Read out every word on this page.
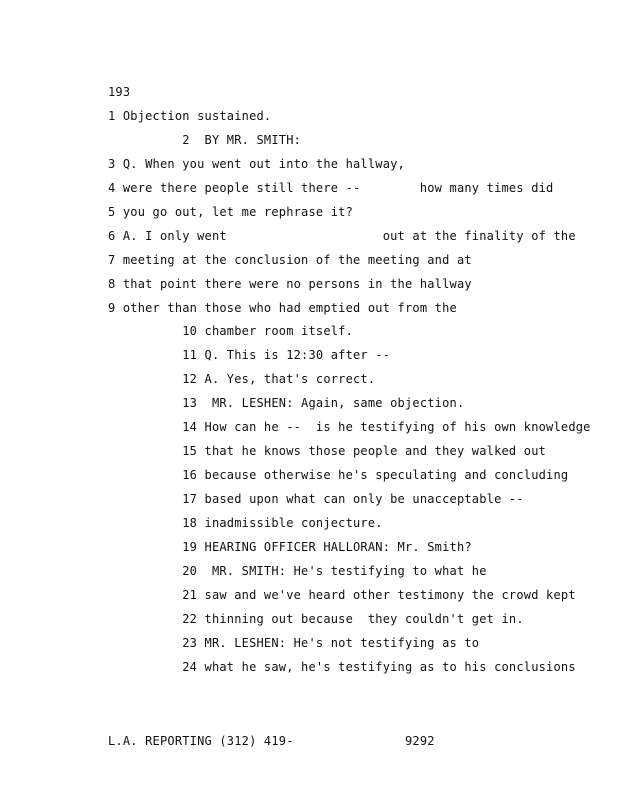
193
1 Objection sustained.
2  BY MR. SMITH:
3 Q. When you went out into the hallway,
4 were there people still there --        how many times did
5 you go out, let me rephrase it?
6 A. I only went                     out at the finality of the
7 meeting at the conclusion of the meeting and at
8 that point there were no persons in the hallway
9 other than those who had emptied out from the
10 chamber room itself.
11 Q. This is 12:30 after --
12 A. Yes, that's correct.
13  MR. LESHEN: Again, same objection.
14 How can he --  is he testifying of his own knowledge
15 that he knows those people and they walked out
16 because otherwise he's speculating and concluding
17 based upon what can only be unacceptable --
18 inadmissible conjecture.
19 HEARING OFFICER HALLORAN: Mr. Smith?
20  MR. SMITH: He's testifying to what he
21 saw and we've heard other testimony the crowd kept
22 thinning out because  they couldn't get in.
23 MR. LESHEN: He's not testifying as to
24 what he saw, he's testifying as to his conclusions
L.A. REPORTING (312) 419-               9292
